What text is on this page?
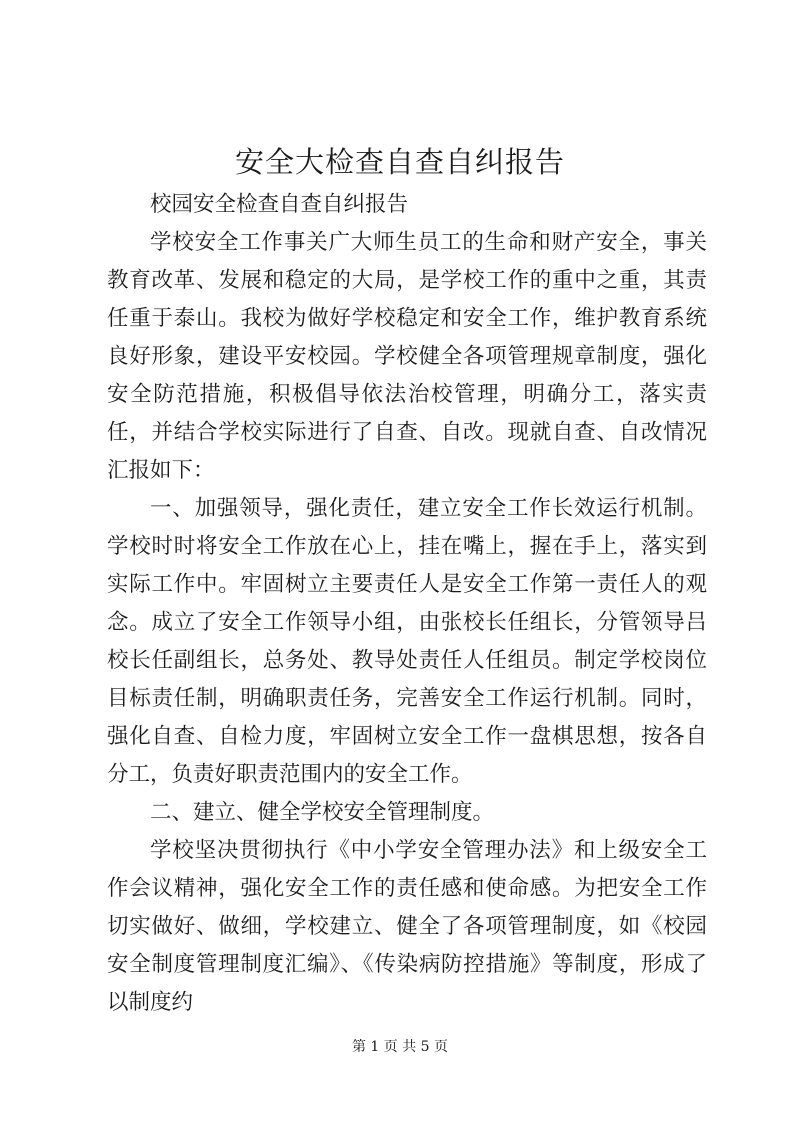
安全大检查自查自纠报告

校园安全检查自查自纠报告

学校安全工作事关广大师生员工的生命和财产安全，事关教育改革、发展和稳定的大局，是学校工作的重中之重，其责任重于泰山。我校为做好学校稳定和安全工作，维护教育系统良好形象，建设平安校园。学校健全各项管理规章制度，强化安全防范措施，积极倡导依法治校管理，明确分工，落实责任，并结合学校实际进行了自查、自改。现就自查、自改情况汇报如下：

一、加强领导，强化责任，建立安全工作长效运行机制。学校时时将安全工作放在心上，挂在嘴上，握在手上，落实到实际工作中。牢固树立主要责任人是安全工作第一责任人的观念。成立了安全工作领导小组，由张校长任组长，分管领导吕校长任副组长，总务处、教导处责任人任组员。制定学校岗位目标责任制，明确职责任务，完善安全工作运行机制。同时，强化自查、自检力度，牢固树立安全工作一盘棋思想，按各自分工，负责好职责范围内的安全工作。

二、建立、健全学校安全管理制度。

学校坚决贯彻执行《中小学安全管理办法》和上级安全工作会议精神，强化安全工作的责任感和使命感。为把安全工作切实做好、做细，学校建立、健全了各项管理制度，如《校园安全制度管理制度汇编》、《传染病防控措施》等制度，形成了以制度约

第 1 页 共 5 页
